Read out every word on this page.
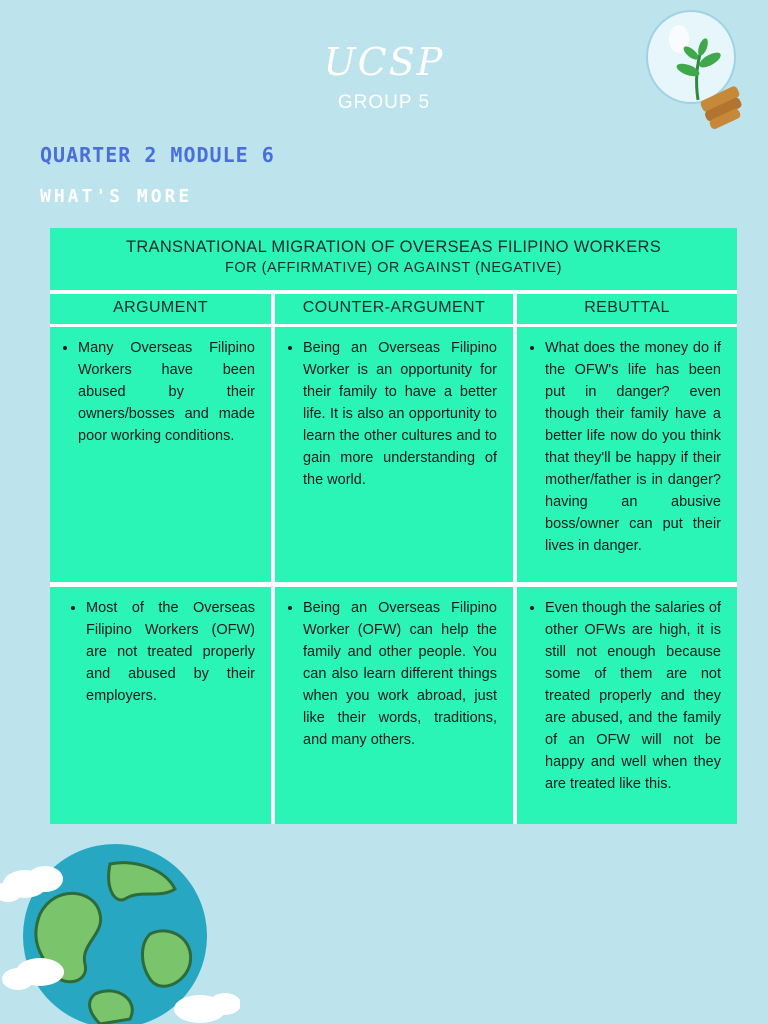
UCSP
GROUP 5
QUARTER 2 MODULE 6
WHAT'S MORE
TRANSNATIONAL MIGRATION OF OVERSEAS FILIPINO WORKERS
FOR (AFFIRMATIVE) OR AGAINST (NEGATIVE)
ARGUMENT	COUNTER-ARGUMENT	REBUTTAL
• Many Overseas Filipino Workers have been abused by their owners/bosses and made poor working conditions.
• Being an Overseas Filipino Worker is an opportunity for their family to have a better life. It is also an opportunity to learn the other cultures and to gain more understanding of the world.
• What does the money do if the OFW's life has been put in danger? even though their family have a better life now do you think that they'll be happy if their mother/father is in danger? having an abusive boss/owner can put their lives in danger.
• Most of the Overseas Filipino Workers (OFW) are not treated properly and abused by their employers.
• Being an Overseas Filipino Worker (OFW) can help the family and other people. You can also learn different things when you work abroad, just like their words, traditions, and many others.
• Even though the salaries of other OFWs are high, it is still not enough because some of them are not treated properly and they are abused, and the family of an OFW will not be happy and well when they are treated like this.
